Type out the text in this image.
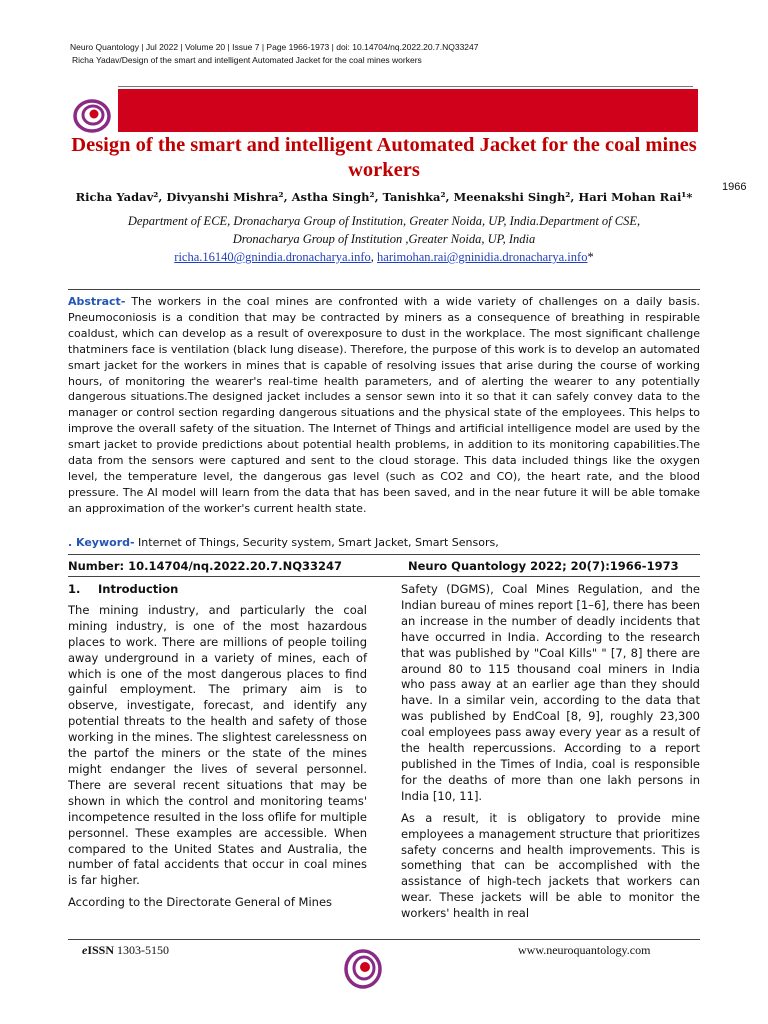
Neuro Quantology | Jul 2022 | Volume 20 | Issue 7 | Page 1966-1973 | doi: 10.14704/nq.2022.20.7.NQ33247
Richa Yadav/Design of the smart and intelligent Automated Jacket for the coal mines workers
Design of the smart and intelligent Automated Jacket for the coal mines workers
1966
Richa Yadav², Divyanshi Mishra², Astha Singh², Tanishka², Meenakshi Singh², Hari Mohan Rai¹*
Department of ECE, Dronacharya Group of Institution, Greater Noida, UP, India.Department of CSE,
Dronacharya Group of Institution ,Greater Noida, UP, India
richa.16140@gnindia.dronacharya.info, harimohan.rai@gninidia.dronacharya.info*
Abstract- The workers in the coal mines are confronted with a wide variety of challenges on a daily basis. Pneumoconiosis is a condition that may be contracted by miners as a consequence of breathing in respirable coaldust, which can develop as a result of overexposure to dust in the workplace. The most significant challenge thatminers face is ventilation (black lung disease). Therefore, the purpose of this work is to develop an automated smart jacket for the workers in mines that is capable of resolving issues that arise during the course of working hours, of monitoring the wearer's real-time health parameters, and of alerting the wearer to any potentially dangerous situations.The designed jacket includes a sensor sewn into it so that it can safely convey data to the manager or control section regarding dangerous situations and the physical state of the employees. This helps to improve the overall safety of the situation. The Internet of Things and artificial intelligence model are used by the smart jacket to provide predictions about potential health problems, in addition to its monitoring capabilities.The data from the sensors were captured and sent to the cloud storage. This data included things like the oxygen level, the temperature level, the dangerous gas level (such as CO2 and CO), the heart rate, and the blood pressure. The AI model will learn from the data that has been saved, and in the near future it will be able tomake an approximation of the worker's current health state.
. Keyword- Internet of Things, Security system, Smart Jacket, Smart Sensors,
Number: 10.14704/nq.2022.20.7.NQ33247	Neuro Quantology 2022; 20(7):1966-1973
1. Introduction

The mining industry, and particularly the coal mining industry, is one of the most hazardous places to work. There are millions of people toiling away underground in a variety of mines, each of which is one of the most dangerous places to find gainful employment. The primary aim is to observe, investigate, forecast, and identify any potential threats to the health and safety of those working in the mines. The slightest carelessness on the partof the miners or the state of the mines might endanger the lives of several personnel. There are several recent situations that may be shown in which the control and monitoring teams' incompetence resulted in the loss oflife for multiple personnel. These examples are accessible. When compared to the United States and Australia, the number of fatal accidents that occur in coal mines is far higher.

According to the Directorate General of Mines

Safety (DGMS), Coal Mines Regulation, and the Indian bureau of mines report [1–6], there has been an increase in the number of deadly incidents that have occurred in India. According to the research that was published by "Coal Kills" " [7, 8] there are around 80 to 115 thousand coal miners in India who pass away at an earlier age than they should have. In a similar vein, according to the data that was published by EndCoal [8, 9], roughly 23,300 coal employees pass away every year as a result of the health repercussions. According to a report published in the Times of India, coal is responsible for the deaths of more than one lakh persons in India [10, 11].

As a result, it is obligatory to provide mine employees a management structure that prioritizes safety concerns and health improvements. This is something that can be accomplished with the assistance of high-tech jackets that workers can wear. These jackets will be able to monitor the workers' health in real

eISSN 1303-5150	www.neuroquantology.com
